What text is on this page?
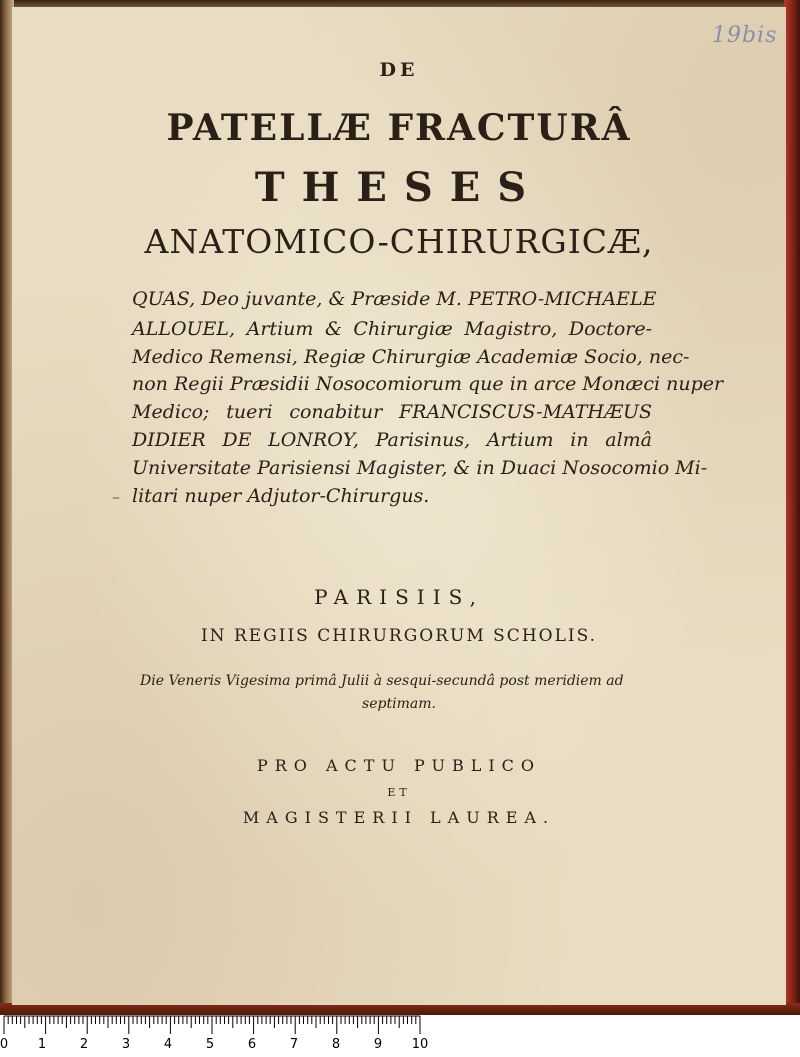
19bis
DE
PATELLÆ FRACTURÂ
THESES
ANATOMICO-CHIRURGICÆ,
QUAS, Deo juvante, & Præside M. PETRO-MICHAELE
ALLOUEL, Artium & Chirurgiæ Magistro, Doctore-
Medico Remensi, Regiæ Chirurgiæ Academiæ Socio, nec-
non Regii Præsidii Nosocomiorum que in arce Monæci nuper
Medico; tueri conabitur FRANCISCUS-MATHÆUS
DIDIER DE LONROY, Parisinus, Artium in almâ
Universitate Parisiensi Magister, & in Duaci Nosocomio Mi-
litari nuper Adjutor-Chirurgus.
–
PARISIIS,
IN REGIIS CHIRURGORUM SCHOLIS.
Die Veneris Vigesima primâ Julii à sesqui-secundâ post meridiem ad
septimam.
PRO ACTU PUBLICO
ET
MAGISTERII LAUREA.
0 1	2	3	4	5	6	7	8	9 10
